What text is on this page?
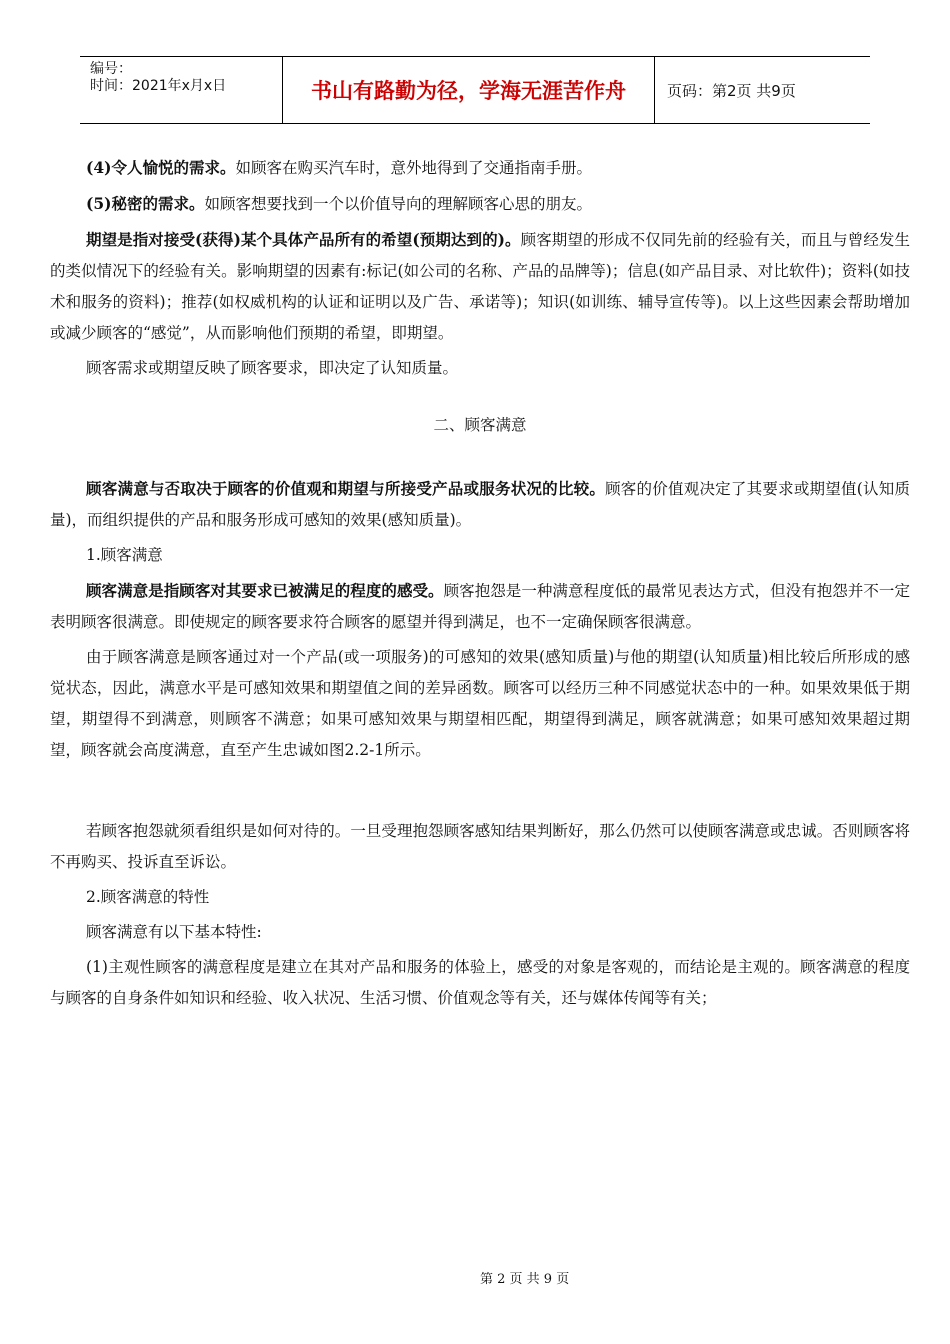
编号：
时间：2021年x月x日	书山有路勤为径，学海无涯苦作舟	页码：第2页 共9页

(4)令人愉悦的需求。如顾客在购买汽车时，意外地得到了交通指南手册。

(5)秘密的需求。如顾客想要找到一个以价值导向的理解顾客心思的朋友。

期望是指对接受(获得)某个具体产品所有的希望(预期达到的)。顾客期望的形成不仅同先前的经验有关，而且与曾经发生的类似情况下的经验有关。影响期望的因素有:标记(如公司的名称、产品的品牌等)；信息(如产品目录、对比软件)；资料(如技术和服务的资料)；推荐(如权威机构的认证和证明以及广告、承诺等)；知识(如训练、辅导宣传等)。以上这些因素会帮助增加或减少顾客的“感觉”，从而影响他们预期的希望，即期望。

顾客需求或期望反映了顾客要求，即决定了认知质量。

二、顾客满意

顾客满意与否取决于顾客的价值观和期望与所接受产品或服务状况的比较。顾客的价值观决定了其要求或期望值(认知质量)，而组织提供的产品和服务形成可感知的效果(感知质量)。

1.顾客满意

顾客满意是指顾客对其要求已被满足的程度的感受。顾客抱怨是一种满意程度低的最常见表达方式，但没有抱怨并不一定表明顾客很满意。即使规定的顾客要求符合顾客的愿望并得到满足，也不一定确保顾客很满意。

由于顾客满意是顾客通过对一个产品(或一项服务)的可感知的效果(感知质量)与他的期望(认知质量)相比较后所形成的感觉状态，因此，满意水平是可感知效果和期望值之间的差异函数。顾客可以经历三种不同感觉状态中的一种。如果效果低于期望，期望得不到满意，则顾客不满意；如果可感知效果与期望相匹配，期望得到满足，顾客就满意；如果可感知效果超过期望，顾客就会高度满意，直至产生忠诚如图2.2-1所示。

若顾客抱怨就须看组织是如何对待的。一旦受理抱怨顾客感知结果判断好，那么仍然可以使顾客满意或忠诚。否则顾客将不再购买、投诉直至诉讼。

2.顾客满意的特性

顾客满意有以下基本特性:

(1)主观性顾客的满意程度是建立在其对产品和服务的体验上，感受的对象是客观的，而结论是主观的。顾客满意的程度与顾客的自身条件如知识和经验、收入状况、生活习惯、价值观念等有关，还与媒体传闻等有关；

第 2 页 共 9 页
